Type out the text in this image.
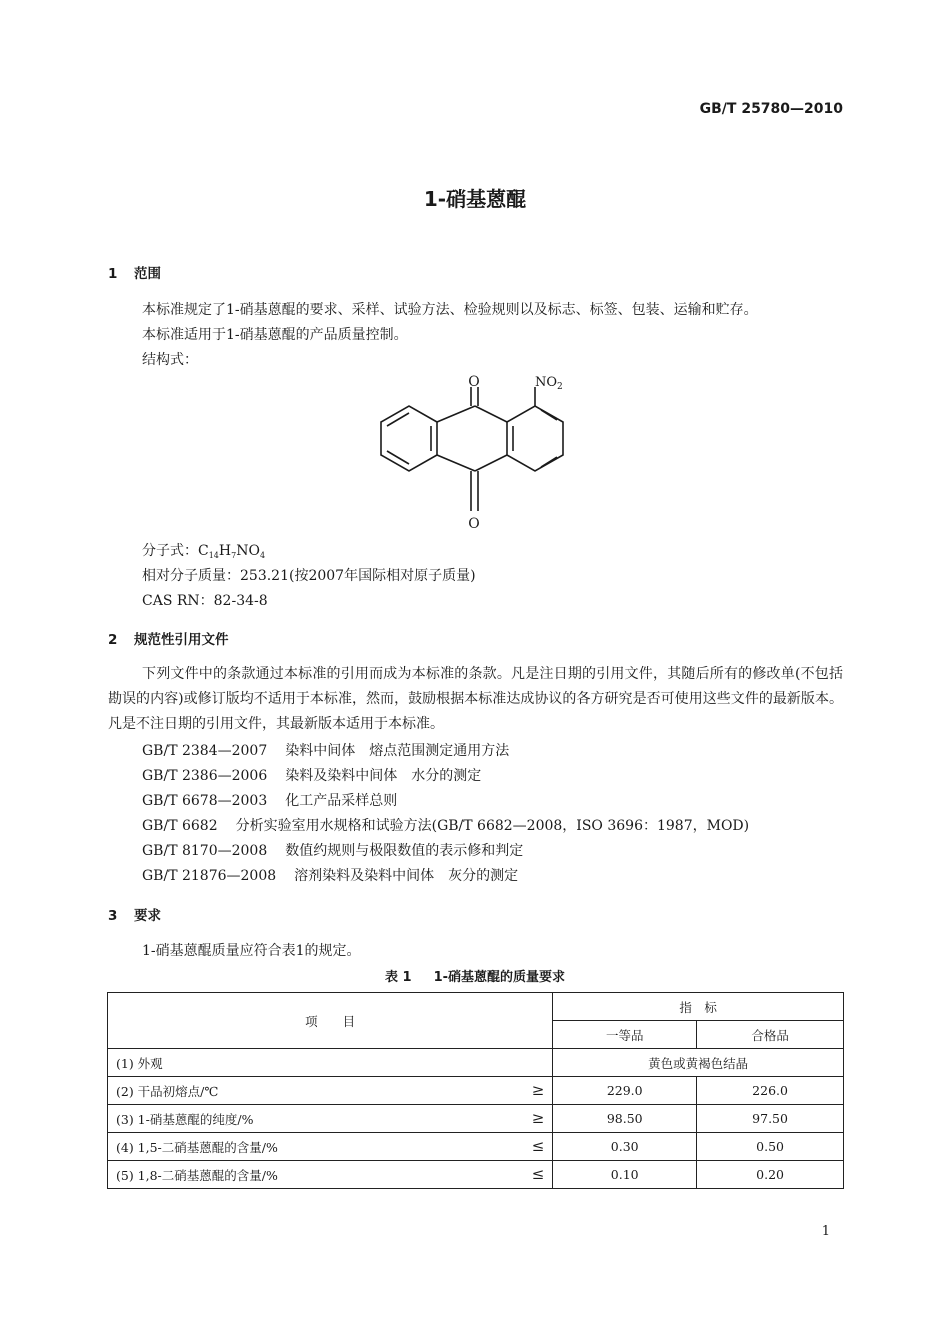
GB/T 25780—2010
1-硝基蒽醌
1 范围
本标准规定了1-硝基蒽醌的要求、采样、试验方法、检验规则以及标志、标签、包装、运输和贮存。
本标准适用于1-硝基蒽醌的产品质量控制。
结构式：
O
O
$NO_2$
分子式：$C_{14}H_7NO_4$
相对分子质量：253.21(按2007年国际相对原子质量)
CAS RN：82-34-8
2 规范性引用文件
下列文件中的条款通过本标准的引用而成为本标准的条款。凡是注日期的引用文件，其随后所有的修改单(不包括勘误的内容)或修订版均不适用于本标准，然而，鼓励根据本标准达成协议的各方研究是否可使用这些文件的最新版本。凡是不注日期的引用文件，其最新版本适用于本标准。
GB/T 2384—2007 染料中间体　熔点范围测定通用方法
GB/T 2386—2006 染料及染料中间体　水分的测定
GB/T 6678—2003 化工产品采样总则
GB/T 6682 分析实验室用水规格和试验方法(GB/T 6682—2008，ISO 3696：1987，MOD)
GB/T 8170—2008 数值约规则与极限数值的表示修和判定
GB/T 21876—2008 溶剂染料及染料中间体　灰分的测定
3 要求
1-硝基蒽醌质量应符合表1的规定。
表 1 1-硝基蒽醌的质量要求
项　　目	指　标	
	一等品	合格品
(1) 外观	黄色或黄褐色结晶	
(2) 干品初熔点/℃ ≥	229.0	226.0
(3) 1-硝基蒽醌的纯度/% ≥	98.50	97.50
(4) 1,5-二硝基蒽醌的含量/% ≤	0.30	0.50
(5) 1,8-二硝基蒽醌的含量/% ≤	0.10	0.20
1
